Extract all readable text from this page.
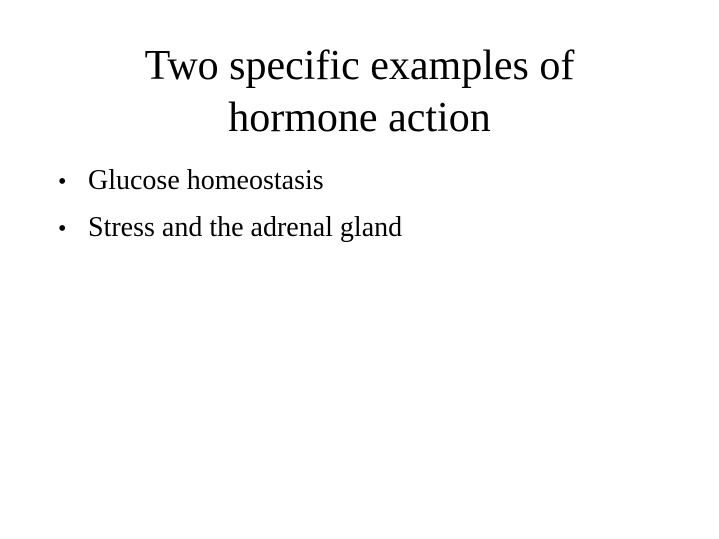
Two specific examples of
hormone action
• Glucose homeostasis
• Stress and the adrenal gland
